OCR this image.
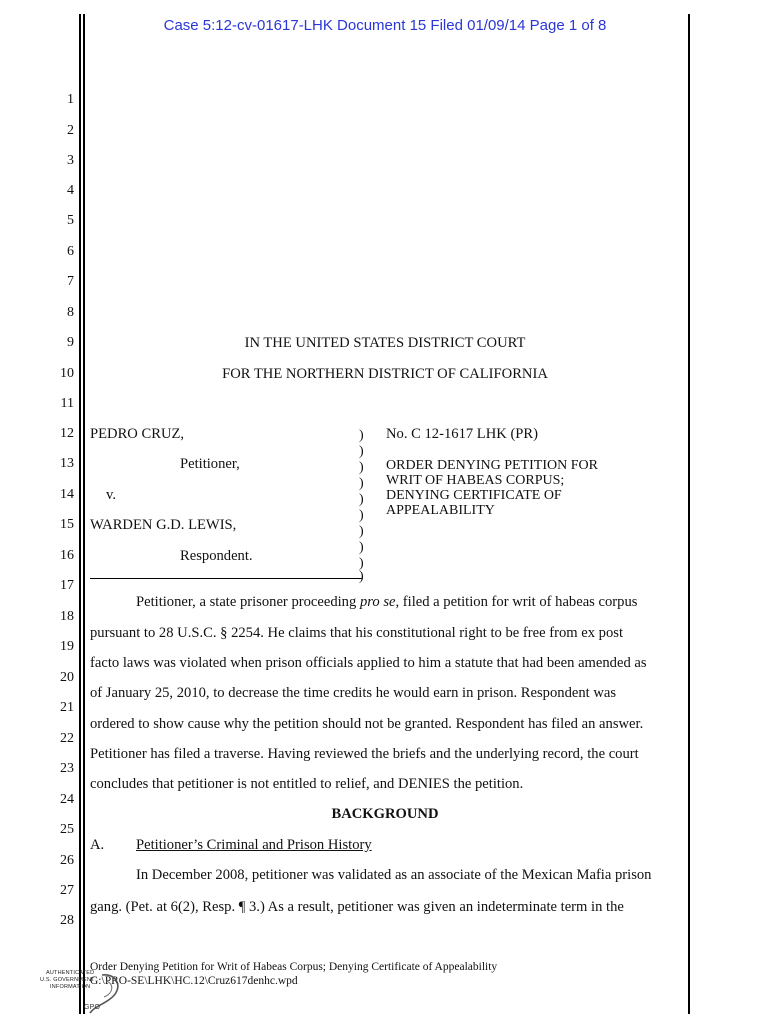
Case 5:12-cv-01617-LHK Document 15 Filed 01/09/14 Page 1 of 8
1
2
3
4
5
6
7
8
9
10
11
12
13
14
15
16
17
18
19
20
21
22
23
24
25
26
27
28
IN THE UNITED STATES DISTRICT COURT
FOR THE NORTHERN DISTRICT OF CALIFORNIA
PEDRO CRUZ,
Petitioner,
v.
WARDEN G.D. LEWIS,
Respondent.
)
)
)
)
)
)
)
)
)
)
No. C 12-1617 LHK (PR)
ORDER DENYING PETITION FOR
WRIT OF HABEAS CORPUS;
DENYING CERTIFICATE OF
APPEALABILITY
Petitioner, a state prisoner proceeding pro se, filed a petition for writ of habeas corpus
pursuant to 28 U.S.C. § 2254. He claims that his constitutional right to be free from ex post
facto laws was violated when prison officials applied to him a statute that had been amended as
of January 25, 2010, to decrease the time credits he would earn in prison. Respondent was
ordered to show cause why the petition should not be granted. Respondent has filed an answer.
Petitioner has filed a traverse. Having reviewed the briefs and the underlying record, the court
concludes that petitioner is not entitled to relief, and DENIES the petition.
BACKGROUND
A. Petitioner’s Criminal and Prison History
In December 2008, petitioner was validated as an associate of the Mexican Mafia prison
gang. (Pet. at 6(2), Resp. ¶ 3.) As a result, petitioner was given an indeterminate term in the
Order Denying Petition for Writ of Habeas Corpus; Denying Certificate of Appealability
G:\PRO-SE\LHK\HC.12\Cruz617denhc.wpd
AUTHENTICATED
U.S. GOVERNMENT
INFORMATION
GPO
